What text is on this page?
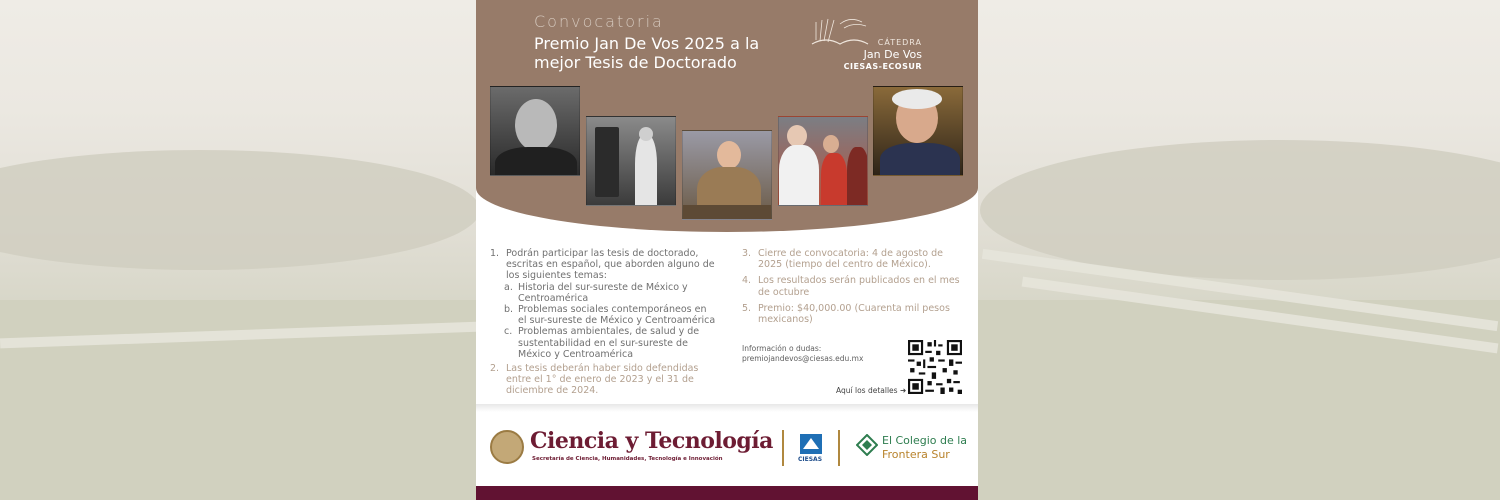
Convocatoria
Premio Jan De Vos 2025 a la mejor Tesis de Doctorado
CÁTEDRA
Jan De Vos
CIESAS-ECOSUR
1. Podrán participar las tesis de doctorado, escritas en español, que aborden alguno de los siguientes temas:
a. Historia del sur-sureste de México y Centroamérica
b. Problemas sociales contemporáneos en el sur-sureste de México y Centroamérica
c. Problemas ambientales, de salud y de sustentabilidad en el sur-sureste de México y Centroamérica
2. Las tesis deberán haber sido defendidas entre el 1° de enero de 2023 y el 31 de diciembre de 2024.
3. Cierre de convocatoria: 4 de agosto de 2025 (tiempo del centro de México).
4. Los resultados serán publicados en el mes de octubre
5. Premio: $40,000.00 (Cuarenta mil pesos mexicanos)
Información o dudas:
premiojandevos@ciesas.edu.mx
Aquí los detalles ➜
Ciencia y Tecnología
Secretaría de Ciencia, Humanidades, Tecnología e Innovación	CIESAS
El Colegio de la
Frontera Sur
